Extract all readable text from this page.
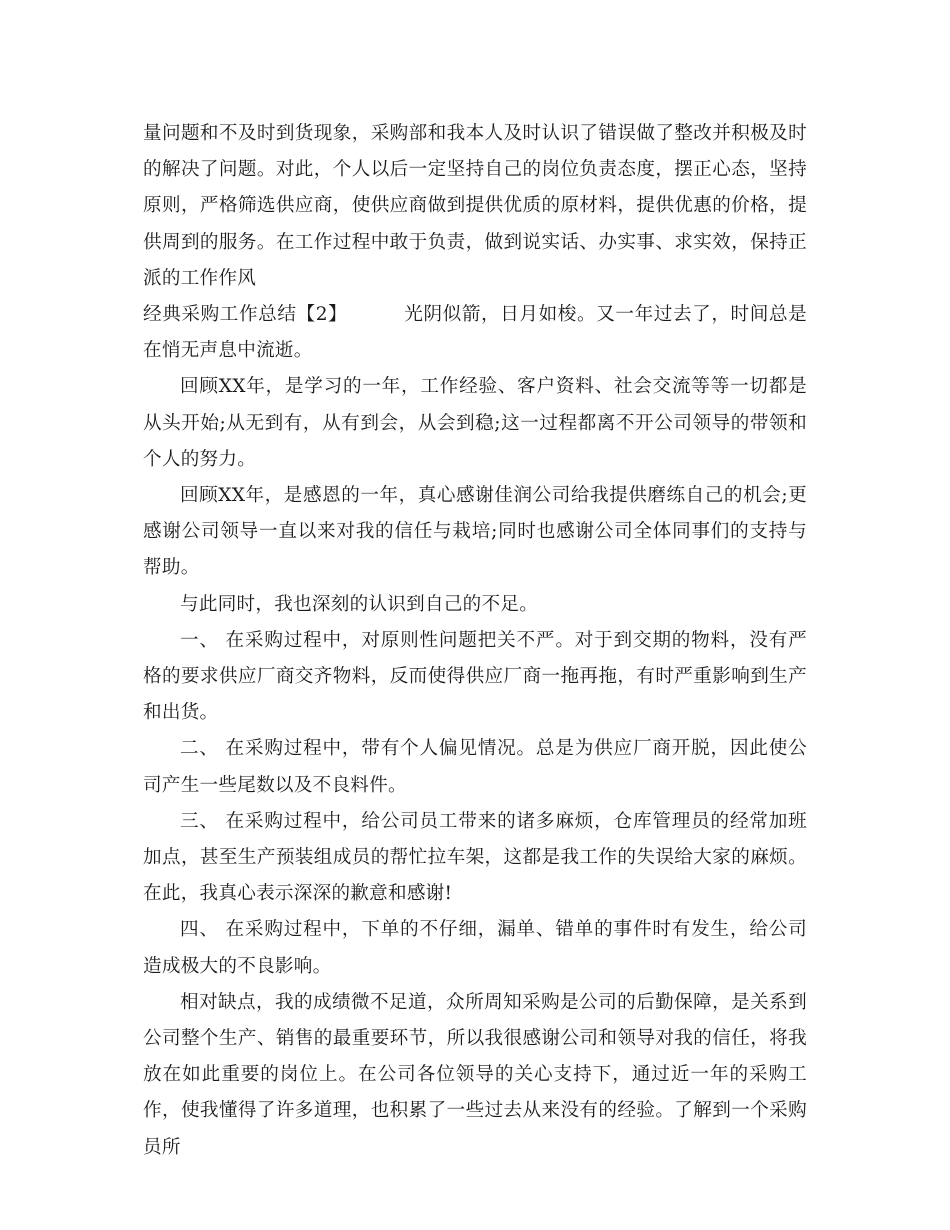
量问题和不及时到货现象，采购部和我本人及时认识了错误做了整改并积极及时的解决了问题。对此，个人以后一定坚持自己的岗位负责态度，摆正心态，坚持原则，严格筛选供应商，使供应商做到提供优质的原材料，提供优惠的价格，提供周到的服务。在工作过程中敢于负责，做到说实话、办实事、求实效，保持正派的工作作风

经典采购工作总结【2】   	光阴似箭，日月如梭。又一年过去了，时间总是在悄无声息中流逝。

回顾XX年，是学习的一年，工作经验、客户资料、社会交流等等一切都是从头开始;从无到有，从有到会，从会到稳;这一过程都离不开公司领导的带领和个人的努力。

回顾XX年，是感恩的一年，真心感谢佳润公司给我提供磨练自己的机会;更感谢公司领导一直以来对我的信任与栽培;同时也感谢公司全体同事们的支持与帮助。

与此同时，我也深刻的认识到自己的不足。

一、 在采购过程中，对原则性问题把关不严。对于到交期的物料，没有严格的要求供应厂商交齐物料，反而使得供应厂商一拖再拖，有时严重影响到生产和出货。

二、 在采购过程中，带有个人偏见情况。总是为供应厂商开脱，因此使公司产生一些尾数以及不良料件。

三、 在采购过程中，给公司员工带来的诸多麻烦，仓库管理员的经常加班加点，甚至生产预装组成员的帮忙拉车架，这都是我工作的失误给大家的麻烦。在此，我真心表示深深的歉意和感谢!

四、 在采购过程中，下单的不仔细，漏单、错单的事件时有发生，给公司造成极大的不良影响。

相对缺点，我的成绩微不足道，众所周知采购是公司的后勤保障，是关系到公司整个生产、销售的最重要环节，所以我很感谢公司和领导对我的信任，将我放在如此重要的岗位上。在公司各位领导的关心支持下，通过近一年的采购工作，使我懂得了许多道理，也积累了一些过去从来没有的经验。了解到一个采购员所
